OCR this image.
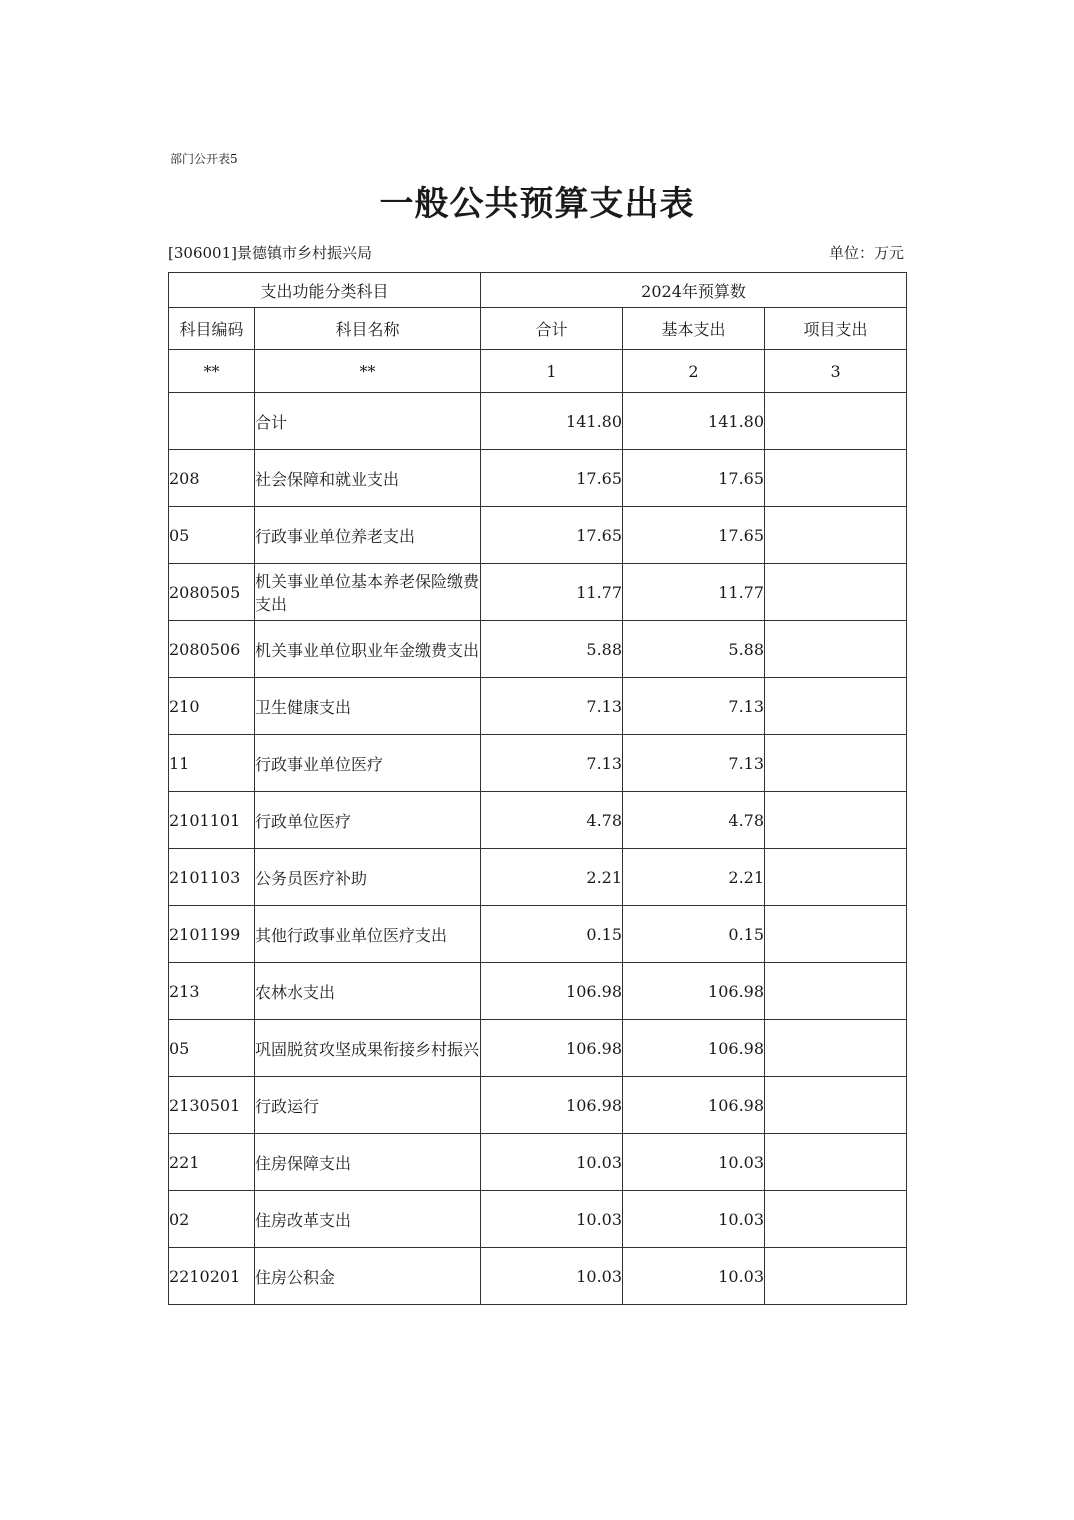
部门公开表5
一般公共预算支出表
[306001]景德镇市乡村振兴局	单位：万元
支出功能分类科目		2024年预算数		
科目编码	科目名称	合计	基本支出	项目支出
**	**	1	2	3
	合计	141.80	141.80	
208	社会保障和就业支出	17.65	17.65	
05	行政事业单位养老支出	17.65	17.65	
2080505	机关事业单位基本养老保险缴费支出	11.77	11.77	
2080506	机关事业单位职业年金缴费支出	5.88	5.88	
210	卫生健康支出	7.13	7.13	
11	行政事业单位医疗	7.13	7.13	
2101101	行政单位医疗	4.78	4.78	
2101103	公务员医疗补助	2.21	2.21	
2101199	其他行政事业单位医疗支出	0.15	0.15	
213	农林水支出	106.98	106.98	
05	巩固脱贫攻坚成果衔接乡村振兴	106.98	106.98	
2130501	行政运行	106.98	106.98	
221	住房保障支出	10.03	10.03	
02	住房改革支出	10.03	10.03	
2210201	住房公积金	10.03	10.03	
